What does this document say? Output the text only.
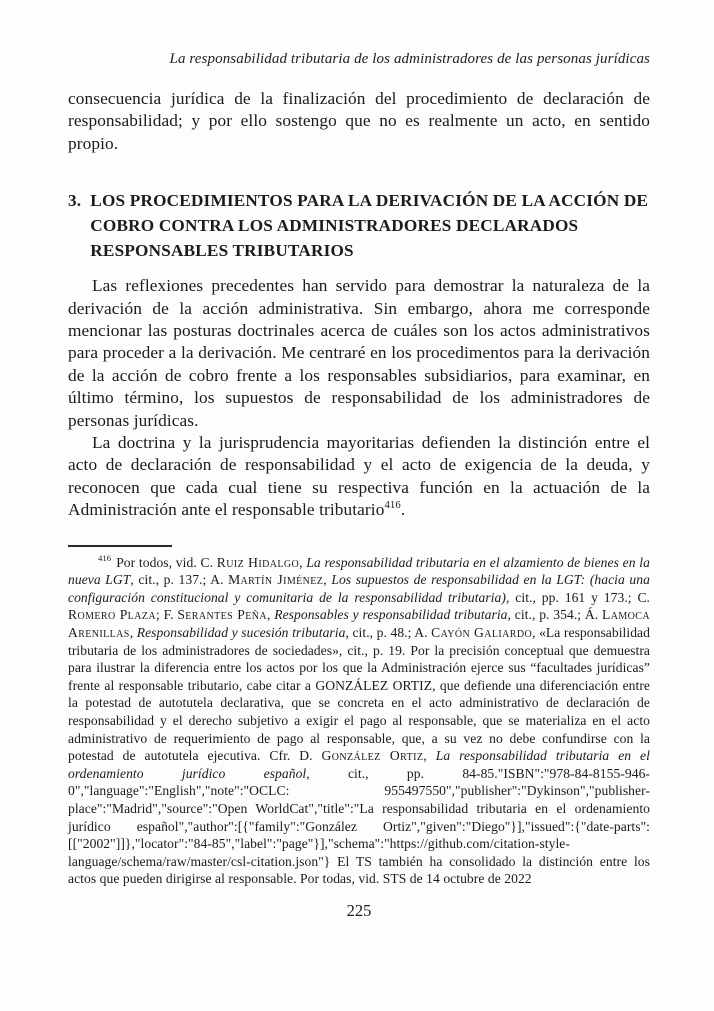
La responsabilidad tributaria de los administradores de las personas jurídicas

consecuencia jurídica de la finalización del procedimiento de declaración de responsabilidad; y por ello sostengo que no es realmente un acto, en sentido propio.

3. LOS PROCEDIMIENTOS PARA LA DERIVACIÓN DE LA ACCIÓN DE COBRO CONTRA LOS ADMINISTRADORES DECLARADOS RESPONSABLES TRIBUTARIOS

Las reflexiones precedentes han servido para demostrar la naturaleza de la derivación de la acción administrativa. Sin embargo, ahora me corresponde mencionar las posturas doctrinales acerca de cuáles son los actos administrativos para proceder a la derivación. Me centraré en los procedimentos para la derivación de la acción de cobro frente a los responsables subsidiarios, para examinar, en último término, los supuestos de responsabilidad de los administradores de personas jurídicas.

La doctrina y la jurisprudencia mayoritarias defienden la distinción entre el acto de declaración de responsabilidad y el acto de exigencia de la deuda, y reconocen que cada cual tiene su respectiva función en la actuación de la Administración ante el responsable tributario$^{416}$.

$^{416}$ Por todos, vid. C. Ruiz Hidalgo, La responsabilidad tributaria en el alzamiento de bienes en la nueva LGT, cit., p. 137.; A. Martín Jiménez, Los supuestos de responsabilidad en la LGT: (hacia una configuración constitucional y comunitaria de la responsabilidad tributaria), cit., pp. 161 y 173.; C. Romero Plaza; F. Serantes Peña, Responsables y responsabilidad tributaria, cit., p. 354.; Á. Lamoca Arenillas, Responsabilidad y sucesión tributaria, cit., p. 48.; A. Cayón Galiardo, «La responsabilidad tributaria de los administradores de sociedades», cit., p. 19. Por la precisión conceptual que demuestra para ilustrar la diferencia entre los actos por los que la Administración ejerce sus “facultades jurídicas” frente al responsable tributario, cabe citar a GONZÁLEZ ORTIZ, que defiende una diferenciación entre la potestad de autotutela declarativa, que se concreta en el acto administrativo de declaración de responsabilidad y el derecho subjetivo a exigir el pago al responsable, que se materializa en el acto administrativo de requerimiento de pago al responsable, que, a su vez no debe confundirse con la potestad de autotutela ejecutiva. Cfr. D. González Ortiz, La responsabilidad tributaria en el ordenamiento jurídico español, cit., pp. 84-85."ISBN":"978-84-8155-946-0","language":"English","note":"OCLC: 955497550","publisher":"Dykinson","publisher-place":"Madrid","source":"Open WorldCat","title":"La responsabilidad tributaria en el ordenamiento jurídico español","author":[{"family":"González Ortiz","given":"Diego"}],"issued":{"date-parts":[["2002"]]},"locator":"84-85","label":"page"}],"schema":"https://github.com/citation-style-language/schema/raw/master/csl-citation.json"} El TS también ha consolidado la distinción entre los actos que pueden dirigirse al responsable. Por todas, vid. STS de 14 octubre de 2022

225
